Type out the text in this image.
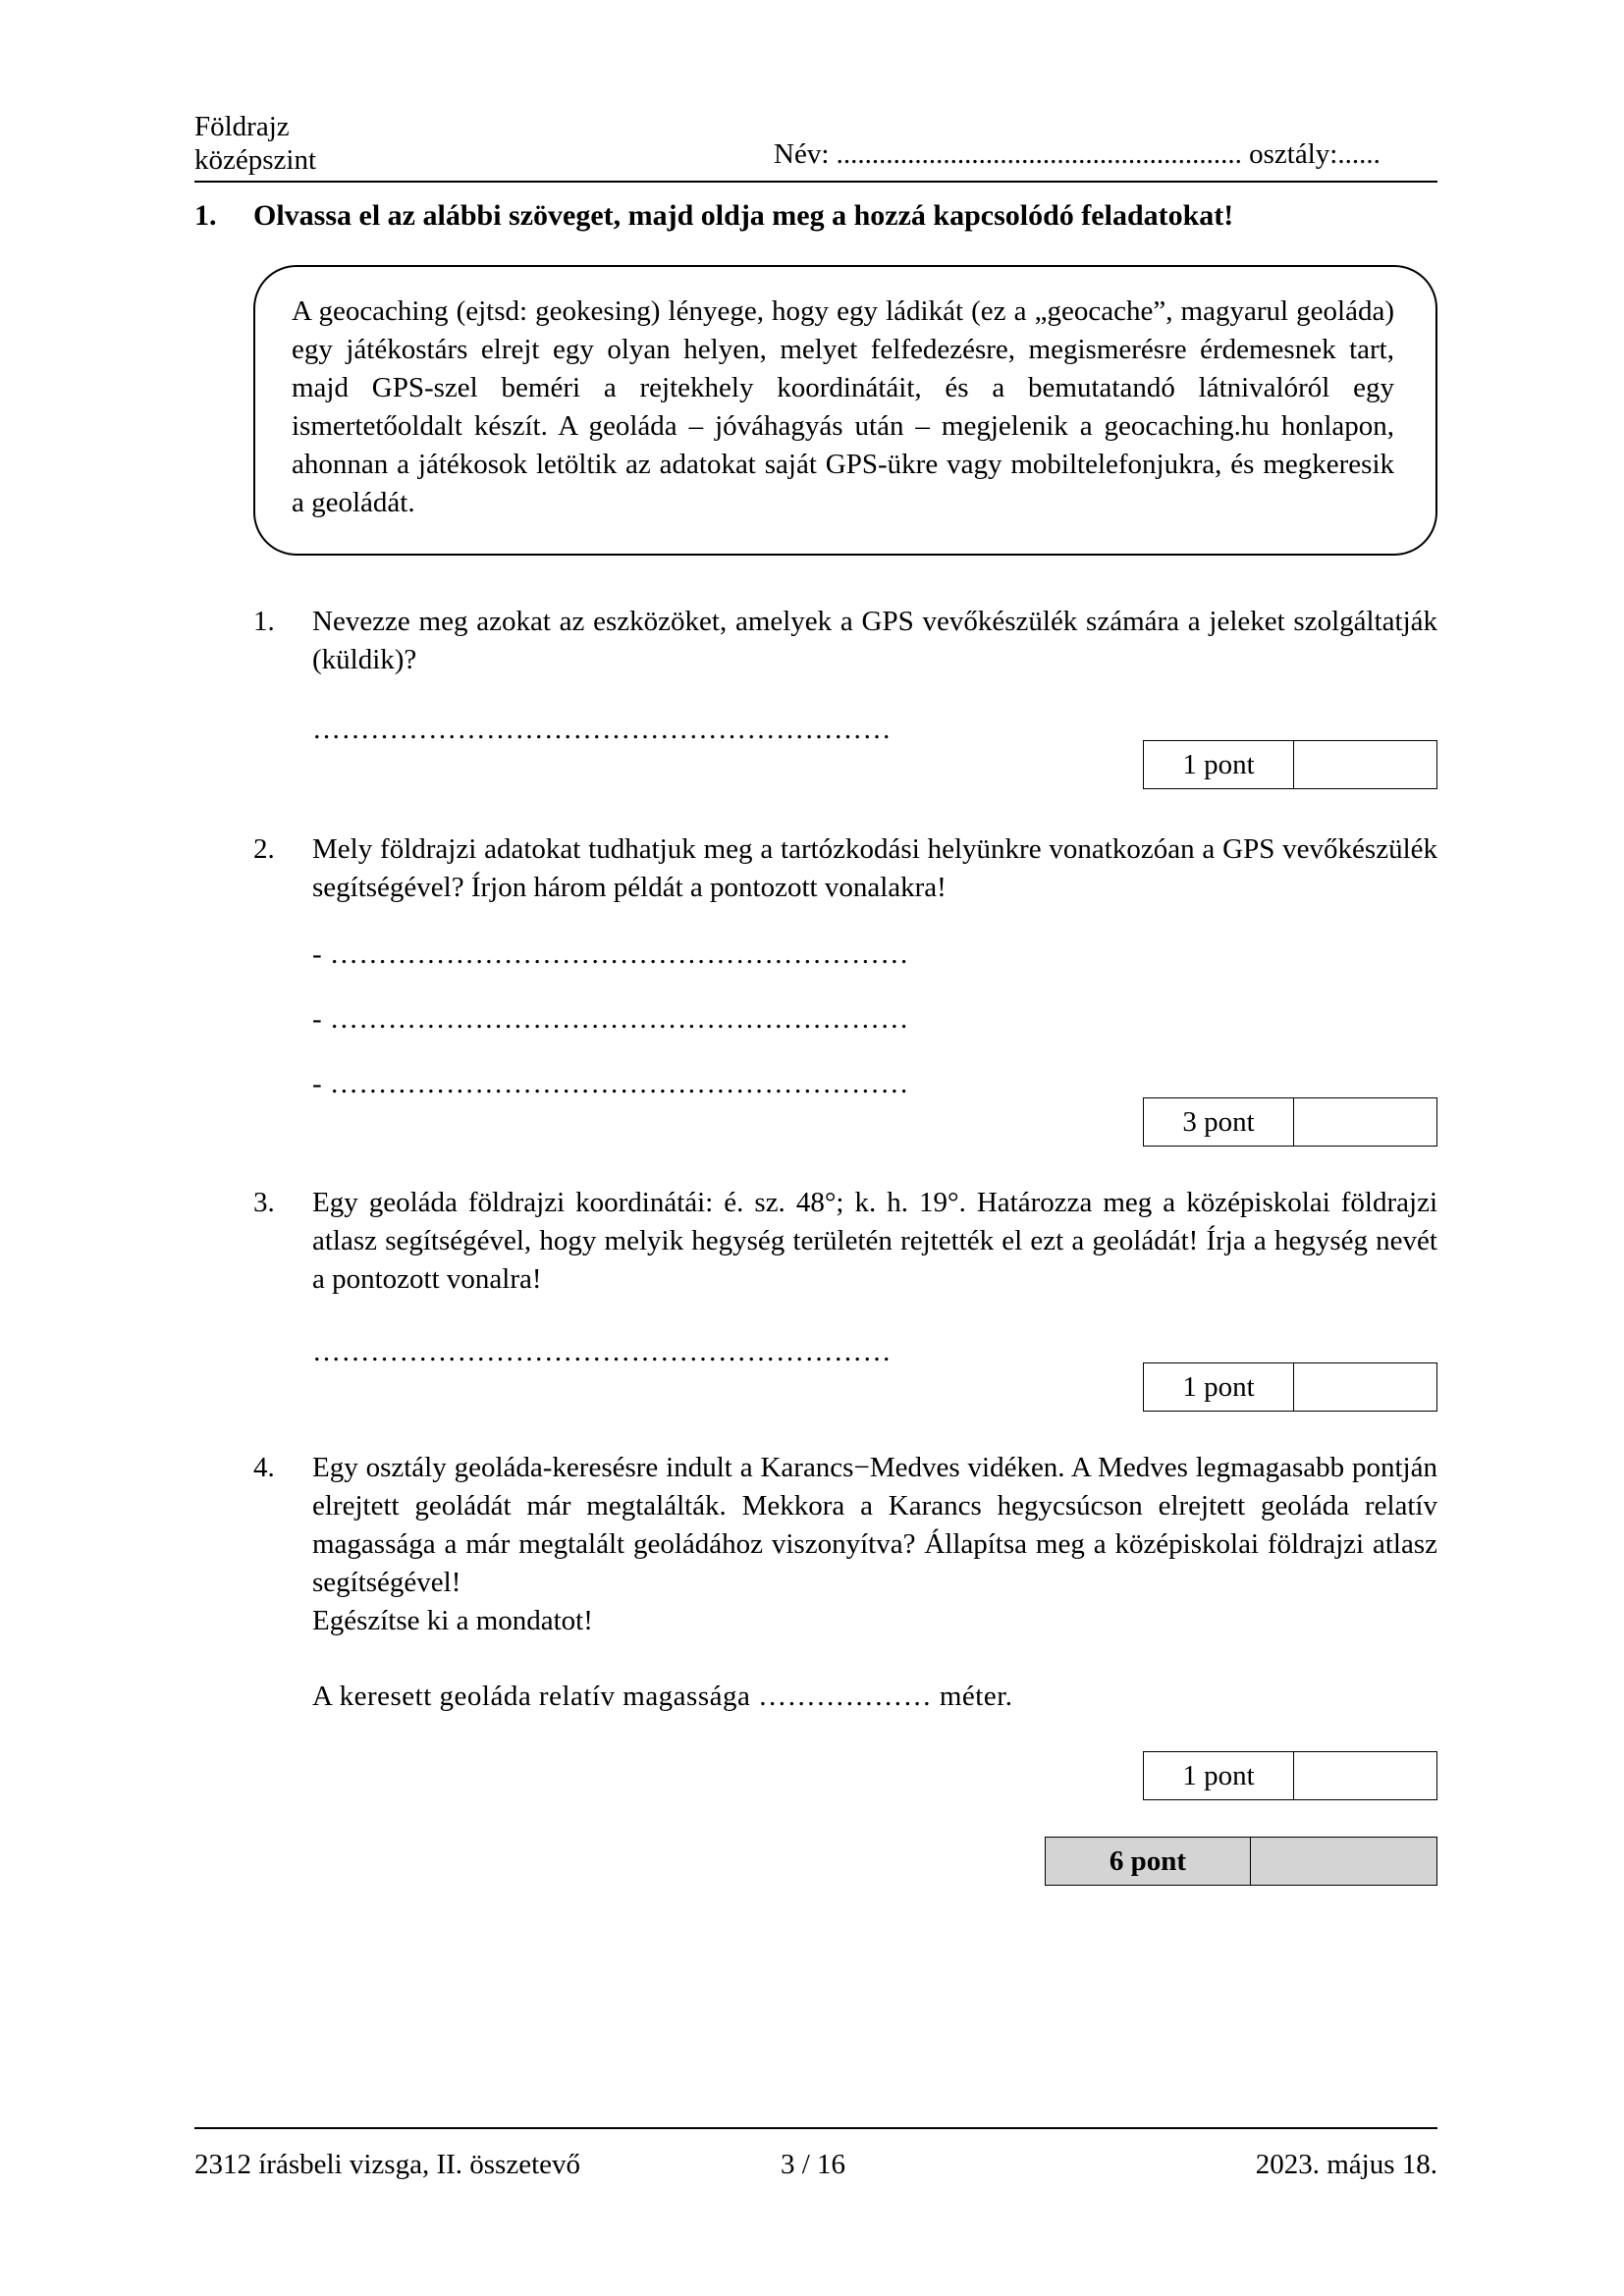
Földrajz
középszint	Név: ......................................................... osztály:......
1. Olvassa el az alábbi szöveget, majd oldja meg a hozzá kapcsolódó feladatokat!
A geocaching (ejtsd: geokesing) lényege, hogy egy ládikát (ez a „geocache”, magyarul geoláda) egy játékostárs elrejt egy olyan helyen, melyet felfedezésre, megismerésre érdemesnek tart, majd GPS-szel beméri a rejtekhely koordinátáit, és a bemutatandó látnivalóról egy ismertetőoldalt készít. A geoláda – jóváhagyás után – megjelenik a geocaching.hu honlapon, ahonnan a játékosok letöltik az adatokat saját GPS-ükre vagy mobiltelefonjukra, és megkeresik a geoládát.
1.	Nevezze meg azokat az eszközöket, amelyek a GPS vevőkészülék számára a jeleket szolgáltatják (küldik)?
……………………………………………………
1 pont
2.	Mely földrajzi adatokat tudhatjuk meg a tartózkodási helyünkre vonatkozóan a GPS vevőkészülék segítségével? Írjon három példát a pontozott vonalakra!
- ……………………………………………………
- ……………………………………………………
- ……………………………………………………
3 pont
3.	Egy geoláda földrajzi koordinátái: é. sz. 48°; k. h. 19°. Határozza meg a középiskolai földrajzi atlasz segítségével, hogy melyik hegység területén rejtették el ezt a geoládát! Írja a hegység nevét a pontozott vonalra!
……………………………………………………
1 pont
4.	Egy osztály geoláda-keresésre indult a Karancs−Medves vidéken. A Medves legmagasabb pontján elrejtett geoládát már megtalálták. Mekkora a Karancs hegycsúcson elrejtett geoláda relatív magassága a már megtalált geoládához viszonyítva? Állapítsa meg a középiskolai földrajzi atlasz segítségével!
Egészítse ki a mondatot!
A keresett geoláda relatív magassága ……………… méter.
1 pont
6 pont
2312 írásbeli vizsga, II. összetevő	3 / 16	2023. május 18.
